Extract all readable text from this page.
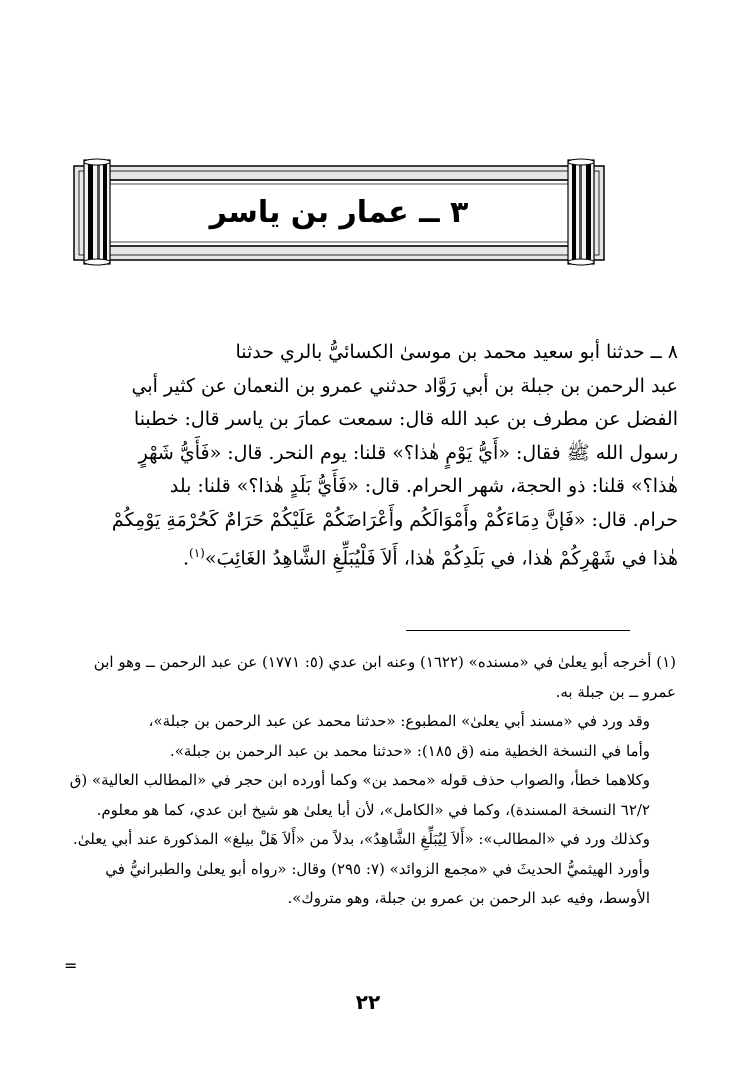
٣ ــ عمار بن ياسر
٨ ــ حدثنا أبو سعيد محمد بن موسىٰ الكسائيُّ بالري حدثنا
عبد الرحمن بن جبلة بن أبي رَوَّاد حدثني عمرو بن النعمان عن كثير أبي
الفضل عن مطرف بن عبد الله قال: سمعت عمارَ بن ياسر قال: خطبنا
رسول الله ﷺ فقال: «أَيُّ يَوْمٍ هٰذا؟» قلنا: يوم النحر. قال: «فَأَيُّ شَهْرٍ
هٰذا؟» قلنا: ذو الحجة، شهر الحرام. قال: «فَأَيُّ بَلَدٍ هٰذا؟» قلنا: بلد
حرام. قال: «فَإنَّ دِمَاءَكُمْ وأَمْوَالَكُم وأَعْرَاضَكُمْ عَلَيْكُمْ حَرَامٌ كَحُرْمَةِ يَوْمِكُمْ
هٰذا في شَهْرِكُمْ هٰذا، في بَلَدِكُمْ هٰذا، أَلاَ فَلْيُبَلِّغِ الشَّاهِدُ الغَائِبَ»$^{(١)}$.

(١) أخرجه أبو يعلىٰ في «مسنده» (١٦٢٢) وعنه ابن عدي (٥: ١٧٧١) عن عبد الرحمن ــ وهو ابن عمرو ــ بن جبلة به.

وقد ورد في «مسند أبي يعلىٰ» المطبوع: «حدثنا محمد عن عبد الرحمن بن جبلة»،

وأما في النسخة الخطية منه (ق ١٨٥): «حدثنا محمد بن عبد الرحمن بن جبلة».

وكلاهما خطأ، والصواب حذف قوله «محمد بن» وكما أورده ابن حجر في «المطالب العالية» (ق ٦٢/٢ النسخة المسندة)، وكما في «الكامل»، لأن أبا يعلىٰ هو شيخ ابن عدي، كما هو معلوم.

وكذلك ورد في «المطالب»: «أَلاَ لِيُبَلِّغِ الشَّاهِدُ»، بدلاً من «أَلاَ هَلْ بيلغ» المذكورة عند أبي يعلىٰ.

وأورد الهيثميُّ الحديثَ في «مجمع الزوائد» (٧: ٢٩٥) وقال: «رواه أبو يعلىٰ والطبرانيُّ في الأوسط، وفيه عبد الرحمن بن عمرو بن جبلة، وهو متروك».

=
٢٢
